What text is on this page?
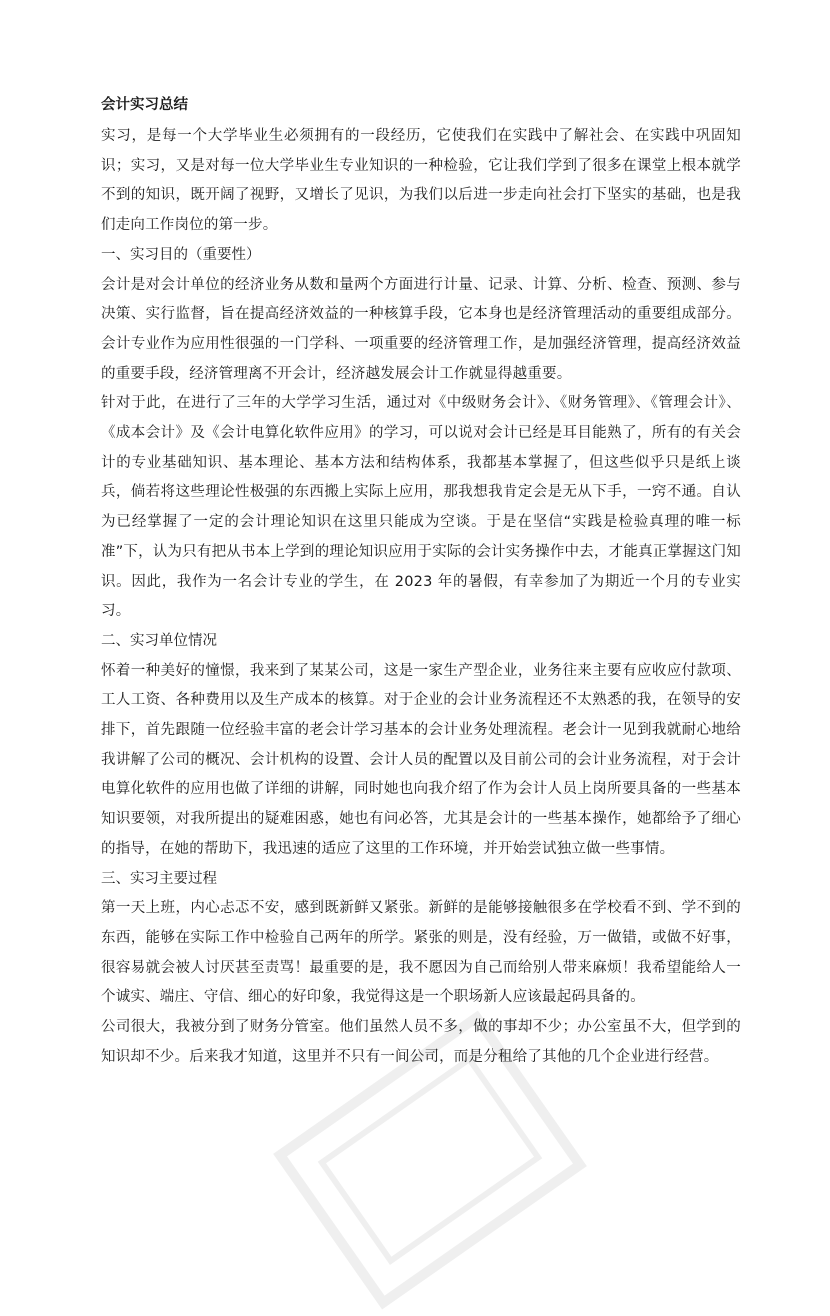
会计实习总结

实习，是每一个大学毕业生必须拥有的一段经历，它使我们在实践中了解社会、在实践中巩固知识；实习，又是对每一位大学毕业生专业知识的一种检验，它让我们学到了很多在课堂上根本就学不到的知识，既开阔了视野，又增长了见识，为我们以后进一步走向社会打下坚实的基础，也是我们走向工作岗位的第一步。

一、实习目的（重要性）

会计是对会计单位的经济业务从数和量两个方面进行计量、记录、计算、分析、检查、预测、参与决策、实行监督，旨在提高经济效益的一种核算手段，它本身也是经济管理活动的重要组成部分。会计专业作为应用性很强的一门学科、一项重要的经济管理工作，是加强经济管理，提高经济效益的重要手段，经济管理离不开会计，经济越发展会计工作就显得越重要。

针对于此，在进行了三年的大学学习生活，通过对《中级财务会计》、《财务管理》、《管理会计》、《成本会计》及《会计电算化软件应用》的学习，可以说对会计已经是耳目能熟了，所有的有关会计的专业基础知识、基本理论、基本方法和结构体系，我都基本掌握了，但这些似乎只是纸上谈兵，倘若将这些理论性极强的东西搬上实际上应用，那我想我肯定会是无从下手，一窍不通。自认为已经掌握了一定的会计理论知识在这里只能成为空谈。于是在坚信“实践是检验真理的唯一标准”下，认为只有把从书本上学到的理论知识应用于实际的会计实务操作中去，才能真正掌握这门知识。因此，我作为一名会计专业的学生，在 2023 年的暑假，有幸参加了为期近一个月的专业实习。

二、实习单位情况

怀着一种美好的憧憬，我来到了某某公司，这是一家生产型企业，业务往来主要有应收应付款项、工人工资、各种费用以及生产成本的核算。对于企业的会计业务流程还不太熟悉的我，在领导的安排下，首先跟随一位经验丰富的老会计学习基本的会计业务处理流程。老会计一见到我就耐心地给我讲解了公司的概况、会计机构的设置、会计人员的配置以及目前公司的会计业务流程，对于会计电算化软件的应用也做了详细的讲解，同时她也向我介绍了作为会计人员上岗所要具备的一些基本知识要领，对我所提出的疑难困惑，她也有问必答，尤其是会计的一些基本操作，她都给予了细心的指导，在她的帮助下，我迅速的适应了这里的工作环境，并开始尝试独立做一些事情。

三、实习主要过程

第一天上班，内心忐忑不安，感到既新鲜又紧张。新鲜的是能够接触很多在学校看不到、学不到的东西，能够在实际工作中检验自己两年的所学。紧张的则是，没有经验，万一做错，或做不好事，很容易就会被人讨厌甚至责骂！最重要的是，我不愿因为自己而给别人带来麻烦！我希望能给人一个诚实、端庄、守信、细心的好印象，我觉得这是一个职场新人应该最起码具备的。

公司很大，我被分到了财务分管室。他们虽然人员不多，做的事却不少；办公室虽不大，但学到的知识却不少。后来我才知道，这里并不只有一间公司，而是分租给了其他的几个企业进行经营。
